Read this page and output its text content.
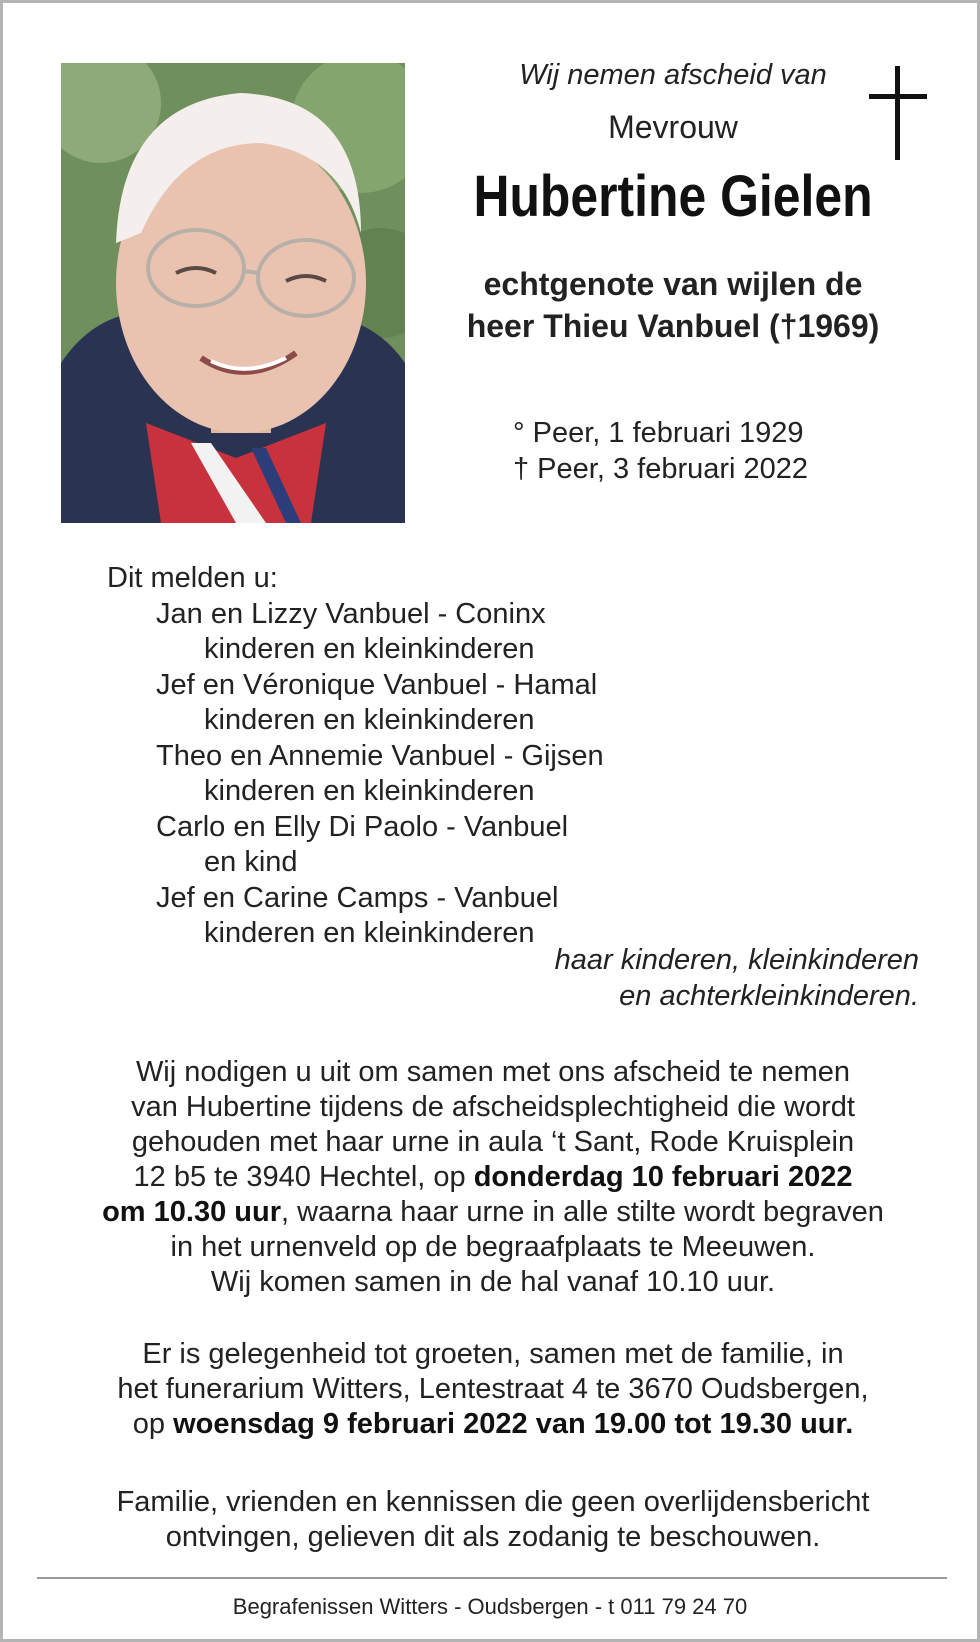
Wij nemen afscheid van

Mevrouw

Hubertine Gielen

echtgenote van wijlen de
heer Thieu Vanbuel (†1969)

° Peer, 1 februari 1929
† Peer, 3 februari 2022
Dit melden u:
Jan en Lizzy Vanbuel - Coninx
kinderen en kleinkinderen
Jef en Véronique Vanbuel - Hamal
kinderen en kleinkinderen
Theo en Annemie Vanbuel - Gijsen
kinderen en kleinkinderen
Carlo en Elly Di Paolo - Vanbuel
en kind
Jef en Carine Camps - Vanbuel
kinderen en kleinkinderen
haar kinderen, kleinkinderen
en achterkleinkinderen.
Wij nodigen u uit om samen met ons afscheid te nemen
van Hubertine tijdens de afscheidsplechtigheid die wordt
gehouden met haar urne in aula ‘t Sant, Rode Kruisplein
12 b5 te 3940 Hechtel, op donderdag 10 februari 2022
om 10.30 uur, waarna haar urne in alle stilte wordt begraven
in het urnenveld op de begraafplaats te Meeuwen.
Wij komen samen in de hal vanaf 10.10 uur.
Er is gelegenheid tot groeten, samen met de familie, in
het funerarium Witters, Lentestraat 4 te 3670 Oudsbergen,
op woensdag 9 februari 2022 van 19.00 tot 19.30 uur.
Familie, vrienden en kennissen die geen overlijdensbericht
ontvingen, gelieven dit als zodanig te beschouwen.
Begrafenissen Witters - Oudsbergen - t 011 79 24 70
